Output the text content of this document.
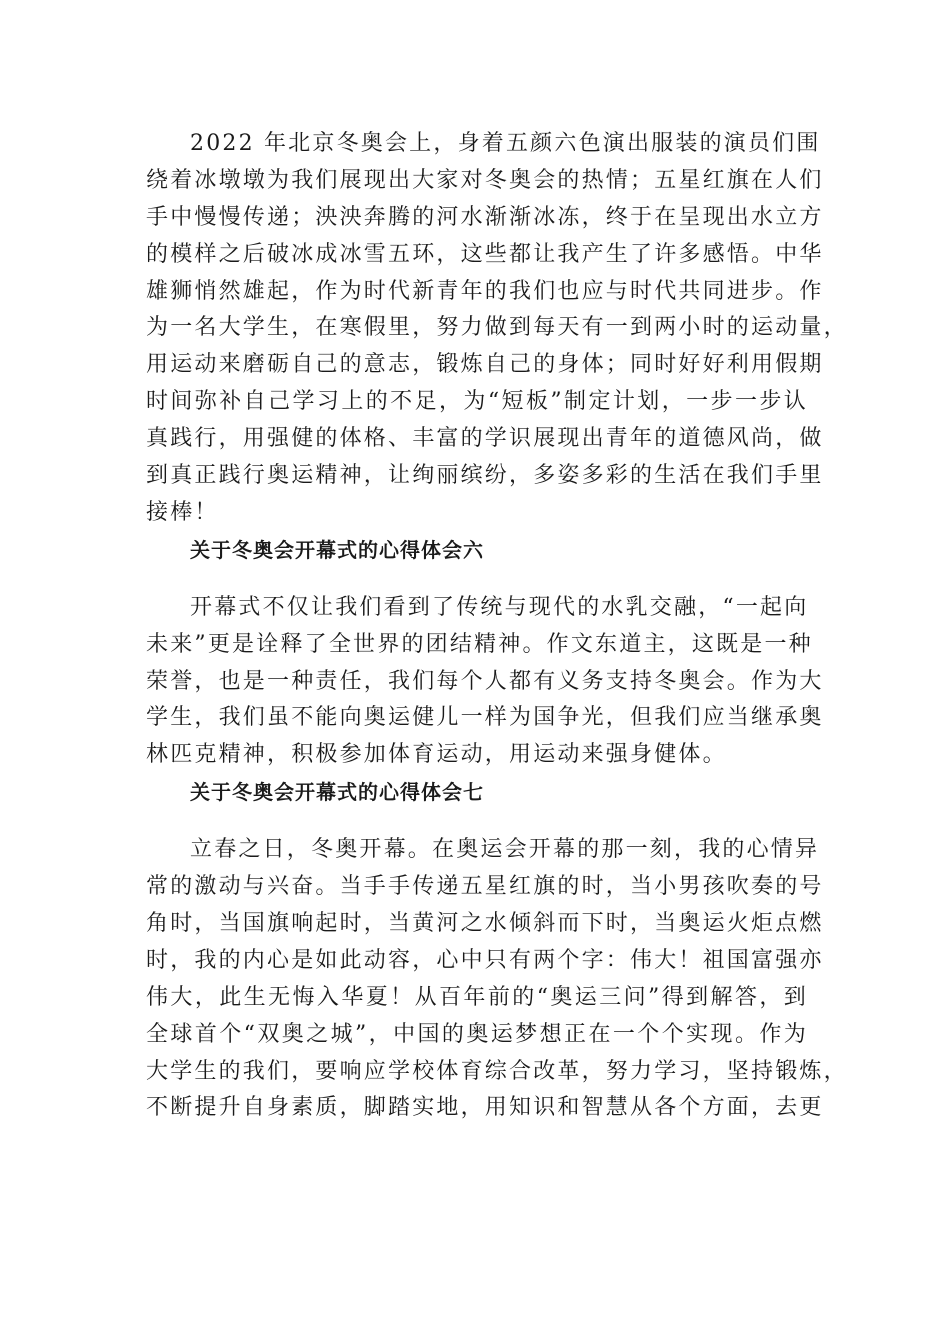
2022 年北京冬奥会上，身着五颜六色演出服装的演员们围
绕着冰墩墩为我们展现出大家对冬奥会的热情；五星红旗在人们
手中慢慢传递；泱泱奔腾的河水渐渐冰冻，终于在呈现出水立方
的模样之后破冰成冰雪五环，这些都让我产生了许多感悟。中华
雄狮悄然雄起，作为时代新青年的我们也应与时代共同进步。作
为一名大学生，在寒假里，努力做到每天有一到两小时的运动量，
用运动来磨砺自己的意志，锻炼自己的身体；同时好好利用假期
时间弥补自己学习上的不足，为“短板”制定计划，一步一步认
真践行，用强健的体格、丰富的学识展现出青年的道德风尚，做
到真正践行奥运精神，让绚丽缤纷，多姿多彩的生活在我们手里
接棒！
关于冬奥会开幕式的心得体会六
开幕式不仅让我们看到了传统与现代的水乳交融，“一起向
未来”更是诠释了全世界的团结精神。作文东道主，这既是一种
荣誉，也是一种责任，我们每个人都有义务支持冬奥会。作为大
学生，我们虽不能向奥运健儿一样为国争光，但我们应当继承奥
林匹克精神，积极参加体育运动，用运动来强身健体。
关于冬奥会开幕式的心得体会七
立春之日，冬奥开幕。在奥运会开幕的那一刻，我的心情异
常的激动与兴奋。当手手传递五星红旗的时，当小男孩吹奏的号
角时，当国旗响起时，当黄河之水倾斜而下时，当奥运火炬点燃
时，我的内心是如此动容，心中只有两个字：伟大！祖国富强亦
伟大，此生无悔入华夏！从百年前的“奥运三问”得到解答，到
全球首个“双奥之城”，中国的奥运梦想正在一个个实现。作为
大学生的我们，要响应学校体育综合改革，努力学习，坚持锻炼，
不断提升自身素质，脚踏实地，用知识和智慧从各个方面，去更
